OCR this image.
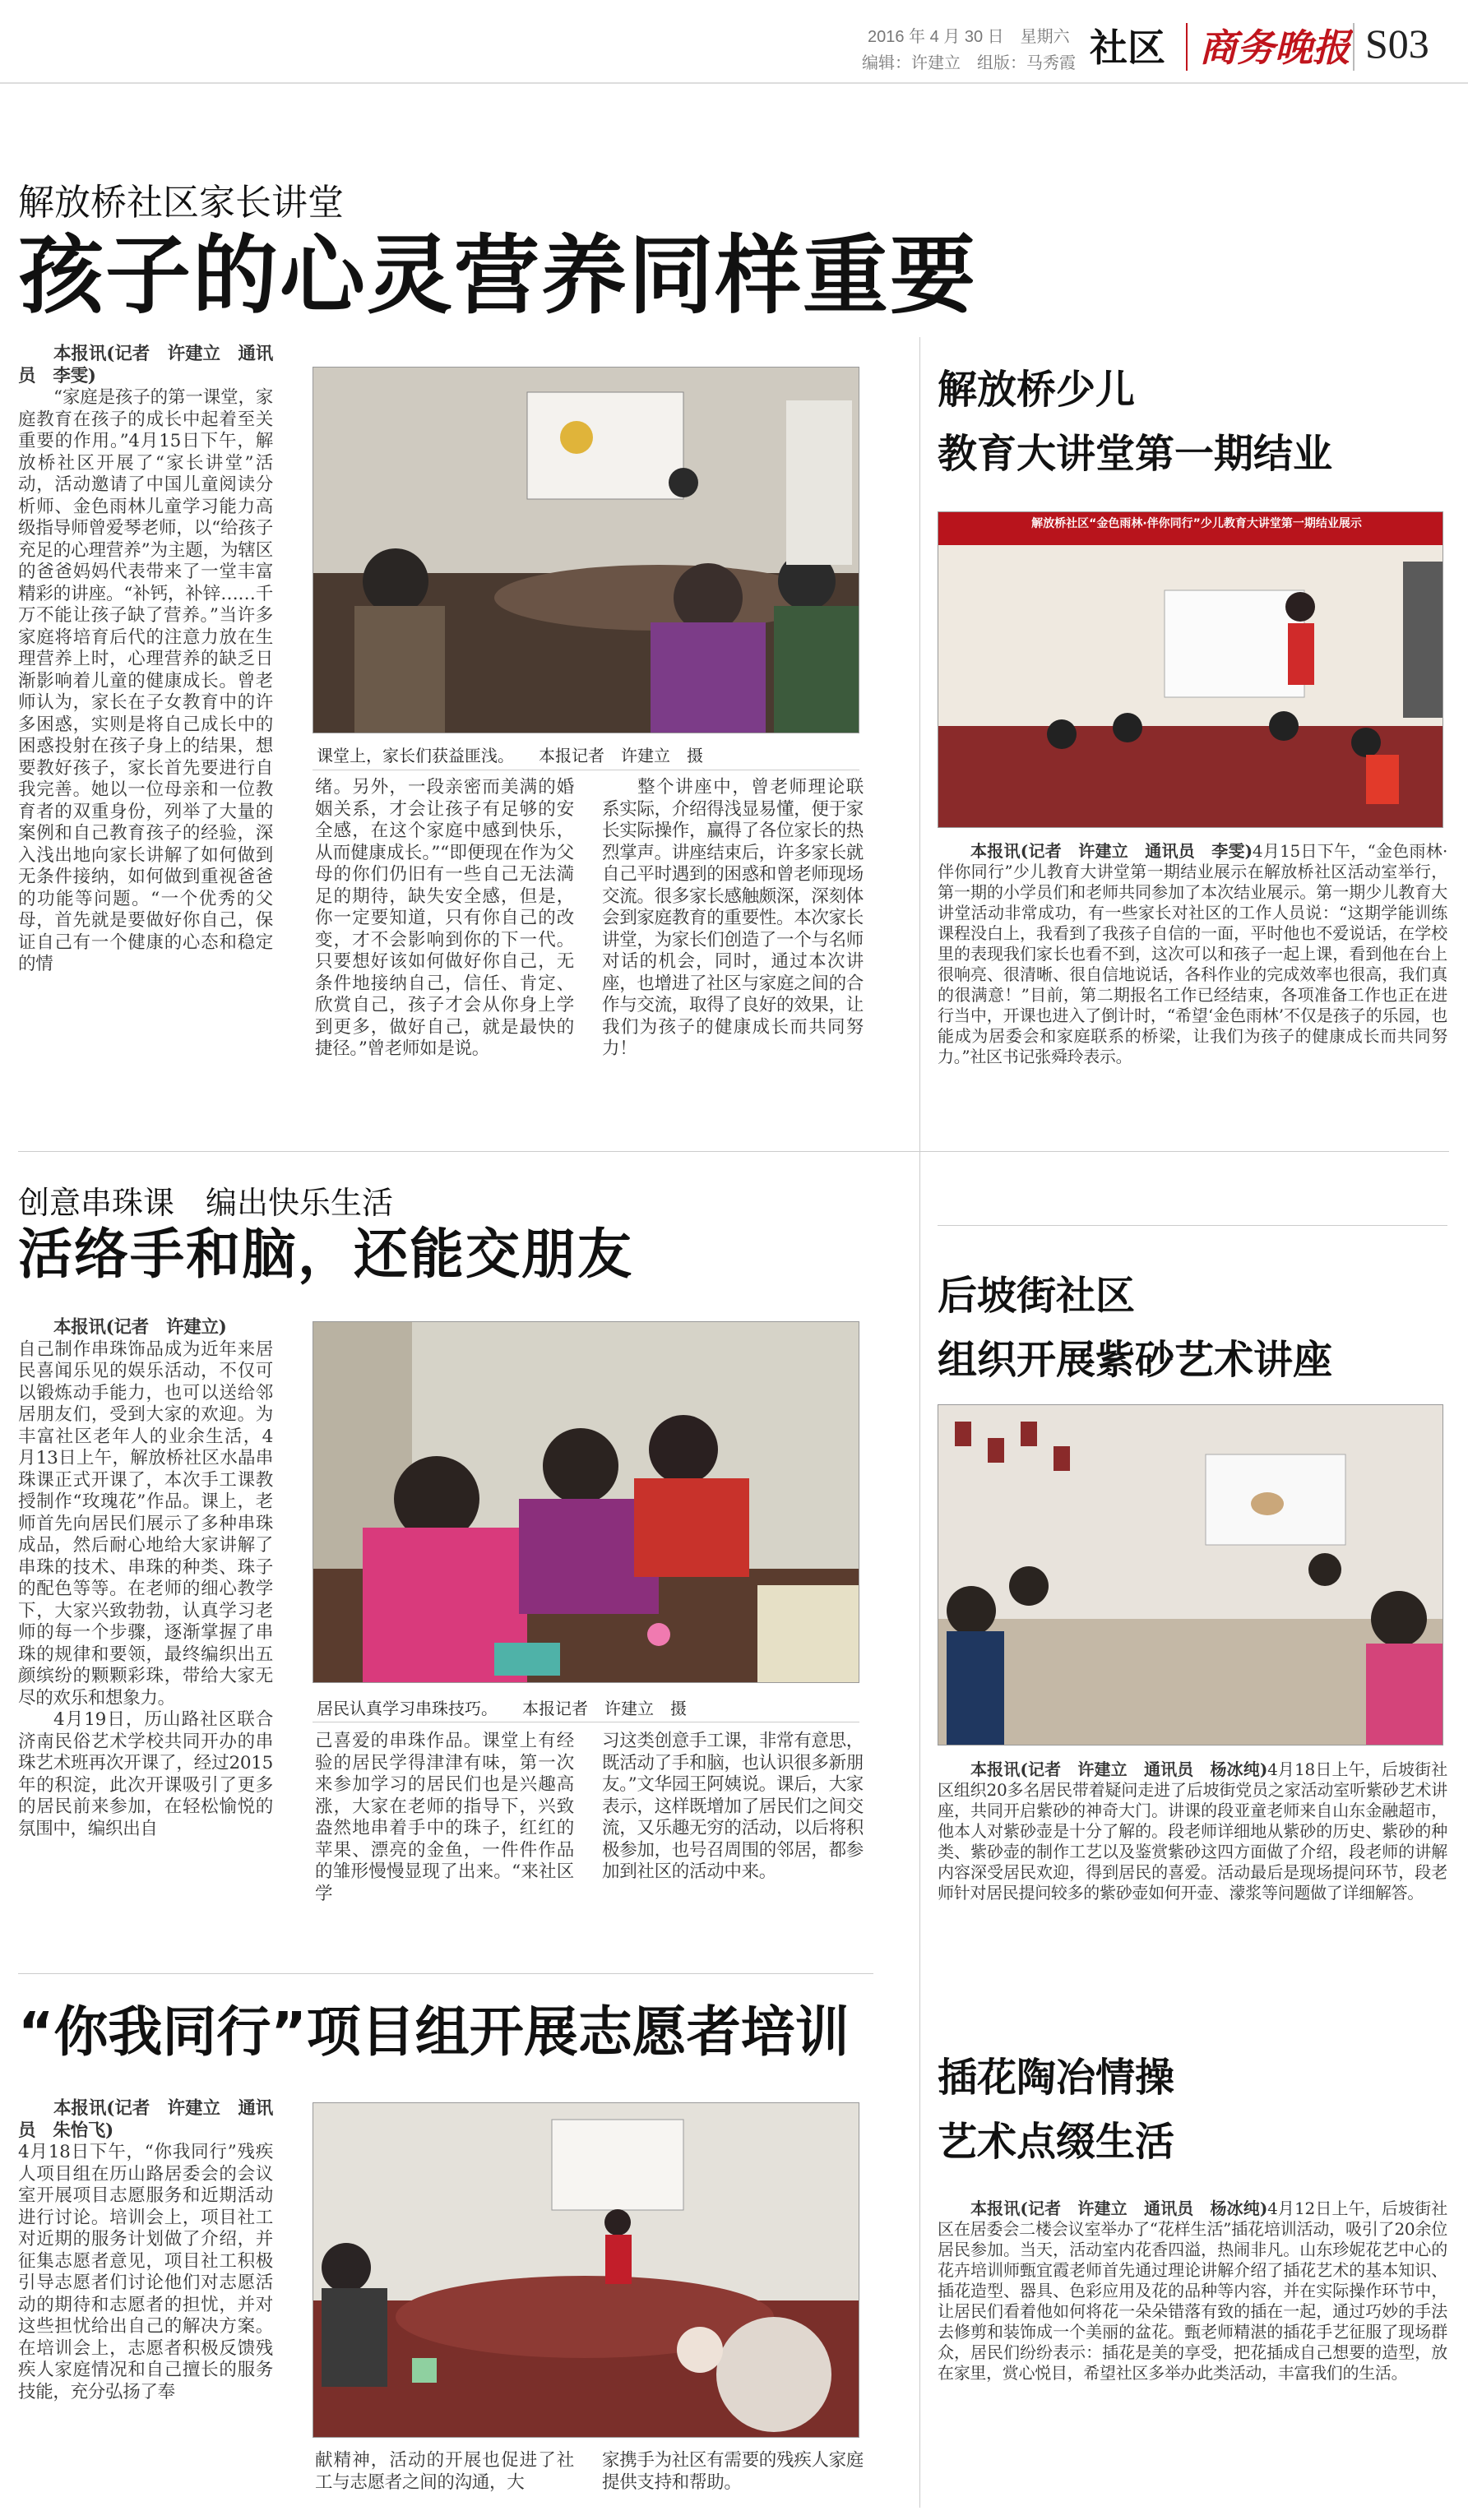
2016 年 4 月 30 日　星期六
编辑：许建立　组版：马秀霞 社区 商务晚报 S03
解放桥社区家长讲堂
孩子的心灵营养同样重要
本报讯(记者　许建立　通讯员　李雯)

“家庭是孩子的第一课堂，家庭教育在孩子的成长中起着至关重要的作用。”4月15日下午，解放桥社区开展了“家长讲堂”活动，活动邀请了中国儿童阅读分析师、金色雨林儿童学习能力高级指导师曾爱琴老师，以“给孩子充足的心理营养”为主题，为辖区的爸爸妈妈代表带来了一堂丰富精彩的讲座。“补钙，补锌……千万不能让孩子缺了营养。”当许多家庭将培育后代的注意力放在生理营养上时，心理营养的缺乏日渐影响着儿童的健康成长。曾老师认为，家长在子女教育中的许多困惑，实则是将自己成长中的困惑投射在孩子身上的结果，想要教好孩子，家长首先要进行自我完善。她以一位母亲和一位教育者的双重身份，列举了大量的案例和自己教育孩子的经验，深入浅出地向家长讲解了如何做到无条件接纳，如何做到重视爸爸的功能等问题。“一个优秀的父母，首先就是要做好你自己，保证自己有一个健康的心态和稳定的情

课堂上，家长们获益匪浅。　　本报记者　许建立　摄
绪。另外，一段亲密而美满的婚姻关系，才会让孩子有足够的安全感，在这个家庭中感到快乐，从而健康成长。”“即便现在作为父母的你们仍旧有一些自己无法満足的期待，缺失安全感，但是，你一定要知道，只有你自己的改变，才不会影响到你的下一代。只要想好该如何做好你自己，无条件地接纳自己，信任、肯定、欣赏自己，孩子才会从你身上学到更多，做好自己，就是最快的捷径。”曾老师如是说。

整个讲座中，曾老师理论联系实际，介绍得浅显易懂，便于家长实际操作，赢得了各位家长的热烈掌声。讲座结束后，许多家长就自己平时遇到的困惑和曾老师现场交流。很多家长感触颇深，深刻体会到家庭教育的重要性。本次家长讲堂，为家长们创造了一个与名师对话的机会，同时，通过本次讲座，也增进了社区与家庭之间的合作与交流，取得了良好的效果，让我们为孩子的健康成长而共同努力！

创意串珠课　编出快乐生活
活络手和脑，还能交朋友
本报讯(记者　许建立)
自己制作串珠饰品成为近年来居民喜闻乐见的娱乐活动，不仅可以锻炼动手能力，也可以送给邻居朋友们，受到大家的欢迎。为丰富社区老年人的业余生活，4月13日上午，解放桥社区水晶串珠课正式开课了，本次手工课教授制作“玫瑰花”作品。课上，老师首先向居民们展示了多种串珠成品，然后耐心地给大家讲解了串珠的技术、串珠的种类、珠子的配色等等。在老师的细心教学下，大家兴致勃勃，认真学习老师的每一个步骤，逐渐掌握了串珠的规律和要领，最终编织出五颜缤纷的颗颗彩珠，带给大家无尽的欢乐和想象力。

4月19日，历山路社区联合济南民俗艺术学校共同开办的串珠艺术班再次开课了，经过2015年的积淀，此次开课吸引了更多的居民前来参加，在轻松愉悦的氛围中，编织出自

居民认真学习串珠技巧。　　本报记者　许建立　摄
己喜爱的串珠作品。课堂上有经验的居民学得津津有味，第一次来参加学习的居民们也是兴趣高涨，大家在老师的指导下，兴致盎然地串着手中的珠子，红红的苹果、漂亮的金鱼，一件件作品的雏形慢慢显现了出来。“来社区学
习这类创意手工课，非常有意思，既活动了手和脑，也认识很多新朋友。”文华园王阿姨说。课后，大家表示，这样既增加了居民们之间交流，又乐趣无穷的活动，以后将积极参加，也号召周围的邻居，都参加到社区的活动中来。
“你我同行”项目组开展志愿者培训
本报讯(记者　许建立　通讯员　朱怡飞)
4月18日下午，“你我同行”残疾人项目组在历山路居委会的会议室开展项目志愿服务和近期活动进行讨论。培训会上，项目社工对近期的服务计划做了介绍，并征集志愿者意见，项目社工积极引导志愿者们讨论他们对志愿活动的期待和志愿者的担忧，并对这些担忧给出自己的解决方案。在培训会上，志愿者积极反馈残疾人家庭情况和自己擅长的服务技能，充分弘扬了奉
献精神，活动的开展也促进了社工与志愿者之间的沟通，大
家携手为社区有需要的残疾人家庭提供支持和帮助。
解放桥少儿
教育大讲堂第一期结业
解放桥社区“金色雨林·伴你同行”少儿教育大讲堂第一期结业展示

本报讯(记者　许建立　通讯员　李雯)4月15日下午，“金色雨林·伴你同行”少儿教育大讲堂第一期结业展示在解放桥社区活动室举行，第一期的小学员们和老师共同参加了本次结业展示。第一期少儿教育大讲堂活动非常成功，有一些家长对社区的工作人员说：“这期学能训练课程没白上，我看到了我孩子自信的一面，平时他也不爱说话，在学校里的表现我们家长也看不到，这次可以和孩子一起上课，看到他在台上很响亮、很清晰、很自信地说话，各科作业的完成效率也很高，我们真的很满意！”目前，第二期报名工作已经结束，各项准备工作也正在进行当中，开课也进入了倒计时，“希望‘金色雨林’不仅是孩子的乐园，也能成为居委会和家庭联系的桥梁，让我们为孩子的健康成长而共同努力。”社区书记张舜玲表示。

后坡街社区
组织开展紫砂艺术讲座

本报讯(记者　许建立　通讯员　杨冰纯)4月18日上午，后坡街社区组织20多名居民带着疑问走进了后坡街党员之家活动室听紫砂艺术讲座，共同开启紫砂的神奇大门。讲课的段亚童老师来自山东金融超市，他本人对紫砂壶是十分了解的。段老师详细地从紫砂的历史、紫砂的种类、紫砂壶的制作工艺以及鉴赏紫砂这四方面做了介绍，段老师的讲解内容深受居民欢迎，得到居民的喜爱。活动最后是现场提问环节，段老师针对居民提问较多的紫砂壶如何开壶、濛浆等问题做了详细解答。

插花陶冶情操
艺术点缀生活

本报讯(记者　许建立　通讯员　杨冰纯)4月12日上午，后坡街社区在居委会二楼会议室举办了“花样生活”插花培训活动，吸引了20余位居民参加。当天，活动室内花香四溢，热闹非凡。山东珍妮花艺中心的花卉培训师甄宜霞老师首先通过理论讲解介绍了插花艺术的基本知识、插花造型、器具、色彩应用及花的品种等内容，并在实际操作环节中，让居民们看着他如何将花一朵朵错落有致的插在一起，通过巧妙的手法去修剪和装饰成一个美丽的盆花。甄老师精湛的插花手艺征服了现场群众，居民们纷纷表示：插花是美的享受，把花插成自己想要的造型，放在家里，赏心悦目，希望社区多举办此类活动，丰富我们的生活。
